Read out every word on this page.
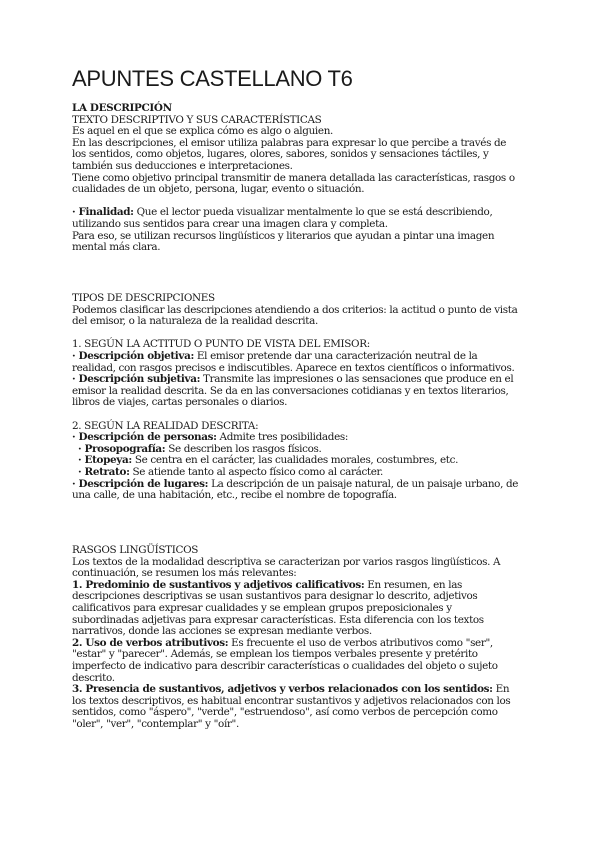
APUNTES CASTELLANO T6

LA DESCRIPCIÓN

TEXTO DESCRIPTIVO Y SUS CARACTERÍSTICAS

Es aquel en el que se explica cómo es algo o alguien.

En las descripciones, el emisor utiliza palabras para expresar lo que percibe a través de los sentidos, como objetos, lugares, olores, sabores, sonidos y sensaciones táctiles, y también sus deducciones e interpretaciones.

Tiene como objetivo principal transmitir de manera detallada las características, rasgos o cualidades de un objeto, persona, lugar, evento o situación.

· Finalidad: Que el lector pueda visualizar mentalmente lo que se está describiendo, utilizando sus sentidos para crear una imagen clara y completa.

Para eso, se utilizan recursos lingüísticos y literarios que ayudan a pintar una imagen mental más clara.

TIPOS DE DESCRIPCIONES

Podemos clasificar las descripciones atendiendo a dos criterios: la actitud o punto de vista del emisor, o la naturaleza de la realidad descrita.

1. SEGÚN LA ACTITUD O PUNTO DE VISTA DEL EMISOR:

· Descripción objetiva: El emisor pretende dar una caracterización neutral de la realidad, con rasgos precisos e indiscutibles. Aparece en textos científicos o informativos.

· Descripción subjetiva: Transmite las impresiones o las sensaciones que produce en el emisor la realidad descrita. Se da en las conversaciones cotidianas y en textos literarios, libros de viajes, cartas personales o diarios.

2. SEGÚN LA REALIDAD DESCRITA:

· Descripción de personas: Admite tres posibilidades:

· Prosopografía: Se describen los rasgos físicos.

· Etopeya: Se centra en el carácter, las cualidades morales, costumbres, etc.

· Retrato: Se atiende tanto al aspecto físico como al carácter.

· Descripción de lugares: La descripción de un paisaje natural, de un paisaje urbano, de una calle, de una habitación, etc., recibe el nombre de topografía.

RASGOS LINGÜÍSTICOS

Los textos de la modalidad descriptiva se caracterizan por varios rasgos lingüísticos. A continuación, se resumen los más relevantes:

1. Predominio de sustantivos y adjetivos calificativos: En resumen, en las descripciones descriptivas se usan sustantivos para designar lo descrito, adjetivos calificativos para expresar cualidades y se emplean grupos preposicionales y subordinadas adjetivas para expresar características. Esta diferencia con los textos narrativos, donde las acciones se expresan mediante verbos.

2. Uso de verbos atributivos: Es frecuente el uso de verbos atributivos como "ser", "estar" y "parecer". Además, se emplean los tiempos verbales presente y pretérito imperfecto de indicativo para describir características o cualidades del objeto o sujeto descrito.

3. Presencia de sustantivos, adjetivos y verbos relacionados con los sentidos: En los textos descriptivos, es habitual encontrar sustantivos y adjetivos relacionados con los sentidos, como "áspero", "verde", "estruendoso", así como verbos de percepción como "oler", "ver", "contemplar" y "oír".
